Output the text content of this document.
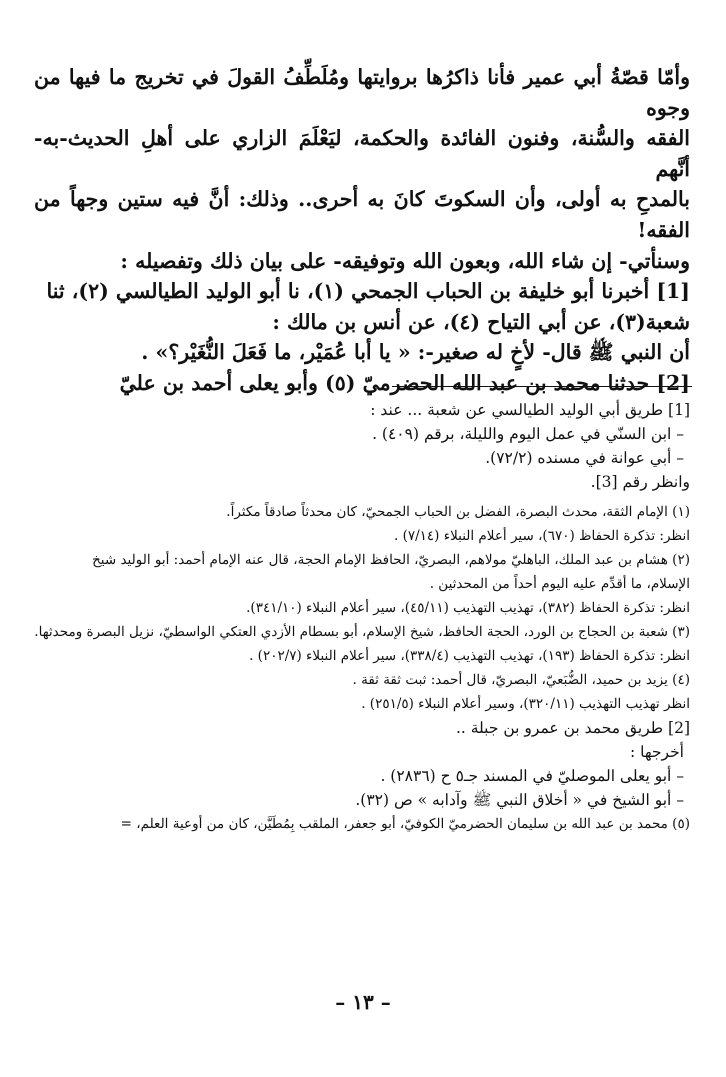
وأمّا قصّةُ أبي عمير فأنا ذاكرُها بروايتها ومُلَطِّفُ القولَ في تخريج ما فيها من وجوه

الفقه والسُّنة، وفنون الفائدة والحكمة، ليَعْلَمَ الزاري على أهلِ الحديث-به- أنَّهم

بالمدحِ به أولى، وأن السكوتَ كانَ به أحرى.. وذلك: أنَّ فيه ستين وجهاً من الفقه!

وسنأتي- إن شاء الله، وبعون الله وتوفيقه- على بيان ذلك وتفصيله :

[1] أخبرنا أبو خليفة بن الحباب الجمحي (١)، نا أبو الوليد الطيالسي (٢)، ثنا

شعبة(٣)، عن أبي التياح (٤)، عن أنس بن مالك :

أن النبي ﷺ قال- لأخٍ له صغير-: « يا أبا عُمَيْر، ما فَعَلَ النُّغَيْر؟» .

[2] حدثنا محمد بن عبد الله الحضرميّ (٥) وأبو يعلى أحمد بن عليّ

[1] طريق أبي الوليد الطيالسي عن شعبة ... عند :

– ابن السنّي في عمل اليوم والليلة، برقم (٤٠٩) .

– أبي عوانة في مسنده (٧٢/٢).

وانظر رقم [3].

(١) الإمام الثقة، محدث البصرة، الفضل بن الحباب الجمحيّ، كان محدثاً صادقاً مكثراً.

انظر: تذكرة الحفاظ (٦٧٠)، سير أعلام النبلاء (٧/١٤) .

(٢) هشام بن عبد الملك، الباهليّ مولاهم، البصريّ، الحافظ الإمام الحجة، قال عنه الإمام أحمد: أبو الوليد شيخ

الإسلام، ما أقدِّم عليه اليوم أحداً من المحدثين .

انظر: تذكرة الحفاظ (٣٨٢)، تهذيب التهذيب (٤٥/١١)، سير أعلام النبلاء (٣٤١/١٠).

(٣) شعبة بن الحجاج بن الورد، الحجة الحافظ، شيخ الإسلام، أبو بسطام الأزدي العتكي الواسطيّ، نزيل البصرة ومحدثها.

انظر: تذكرة الحفاظ (١٩٣)، تهذيب التهذيب (٣٣٨/٤)، سير أعلام النبلاء (٢٠٢/٧) .

(٤) يزيد بن حميد، الضُّبَعيّ، البصريّ، قال أحمد: ثبت ثقة ثقة .

انظر تهذيب التهذيب (٣٢٠/١١)، وسير أعلام النبلاء (٢٥١/٥) .

[2] طريق محمد بن عمرو بن جبلة ..

أخرجها :

– أبو يعلى الموصليّ في المسند جـ٥ ح (٢٨٣٦) .

– أبو الشيخ في « أخلاق النبي ﷺ وآدابه » ص (٣٢).

(٥) محمد بن عبد الله بن سليمان الحضرميّ الكوفيّ، أبو جعفر، الملقب بِمُطَيَّن، كان من أوعية العلم، =

– ١٣ –
